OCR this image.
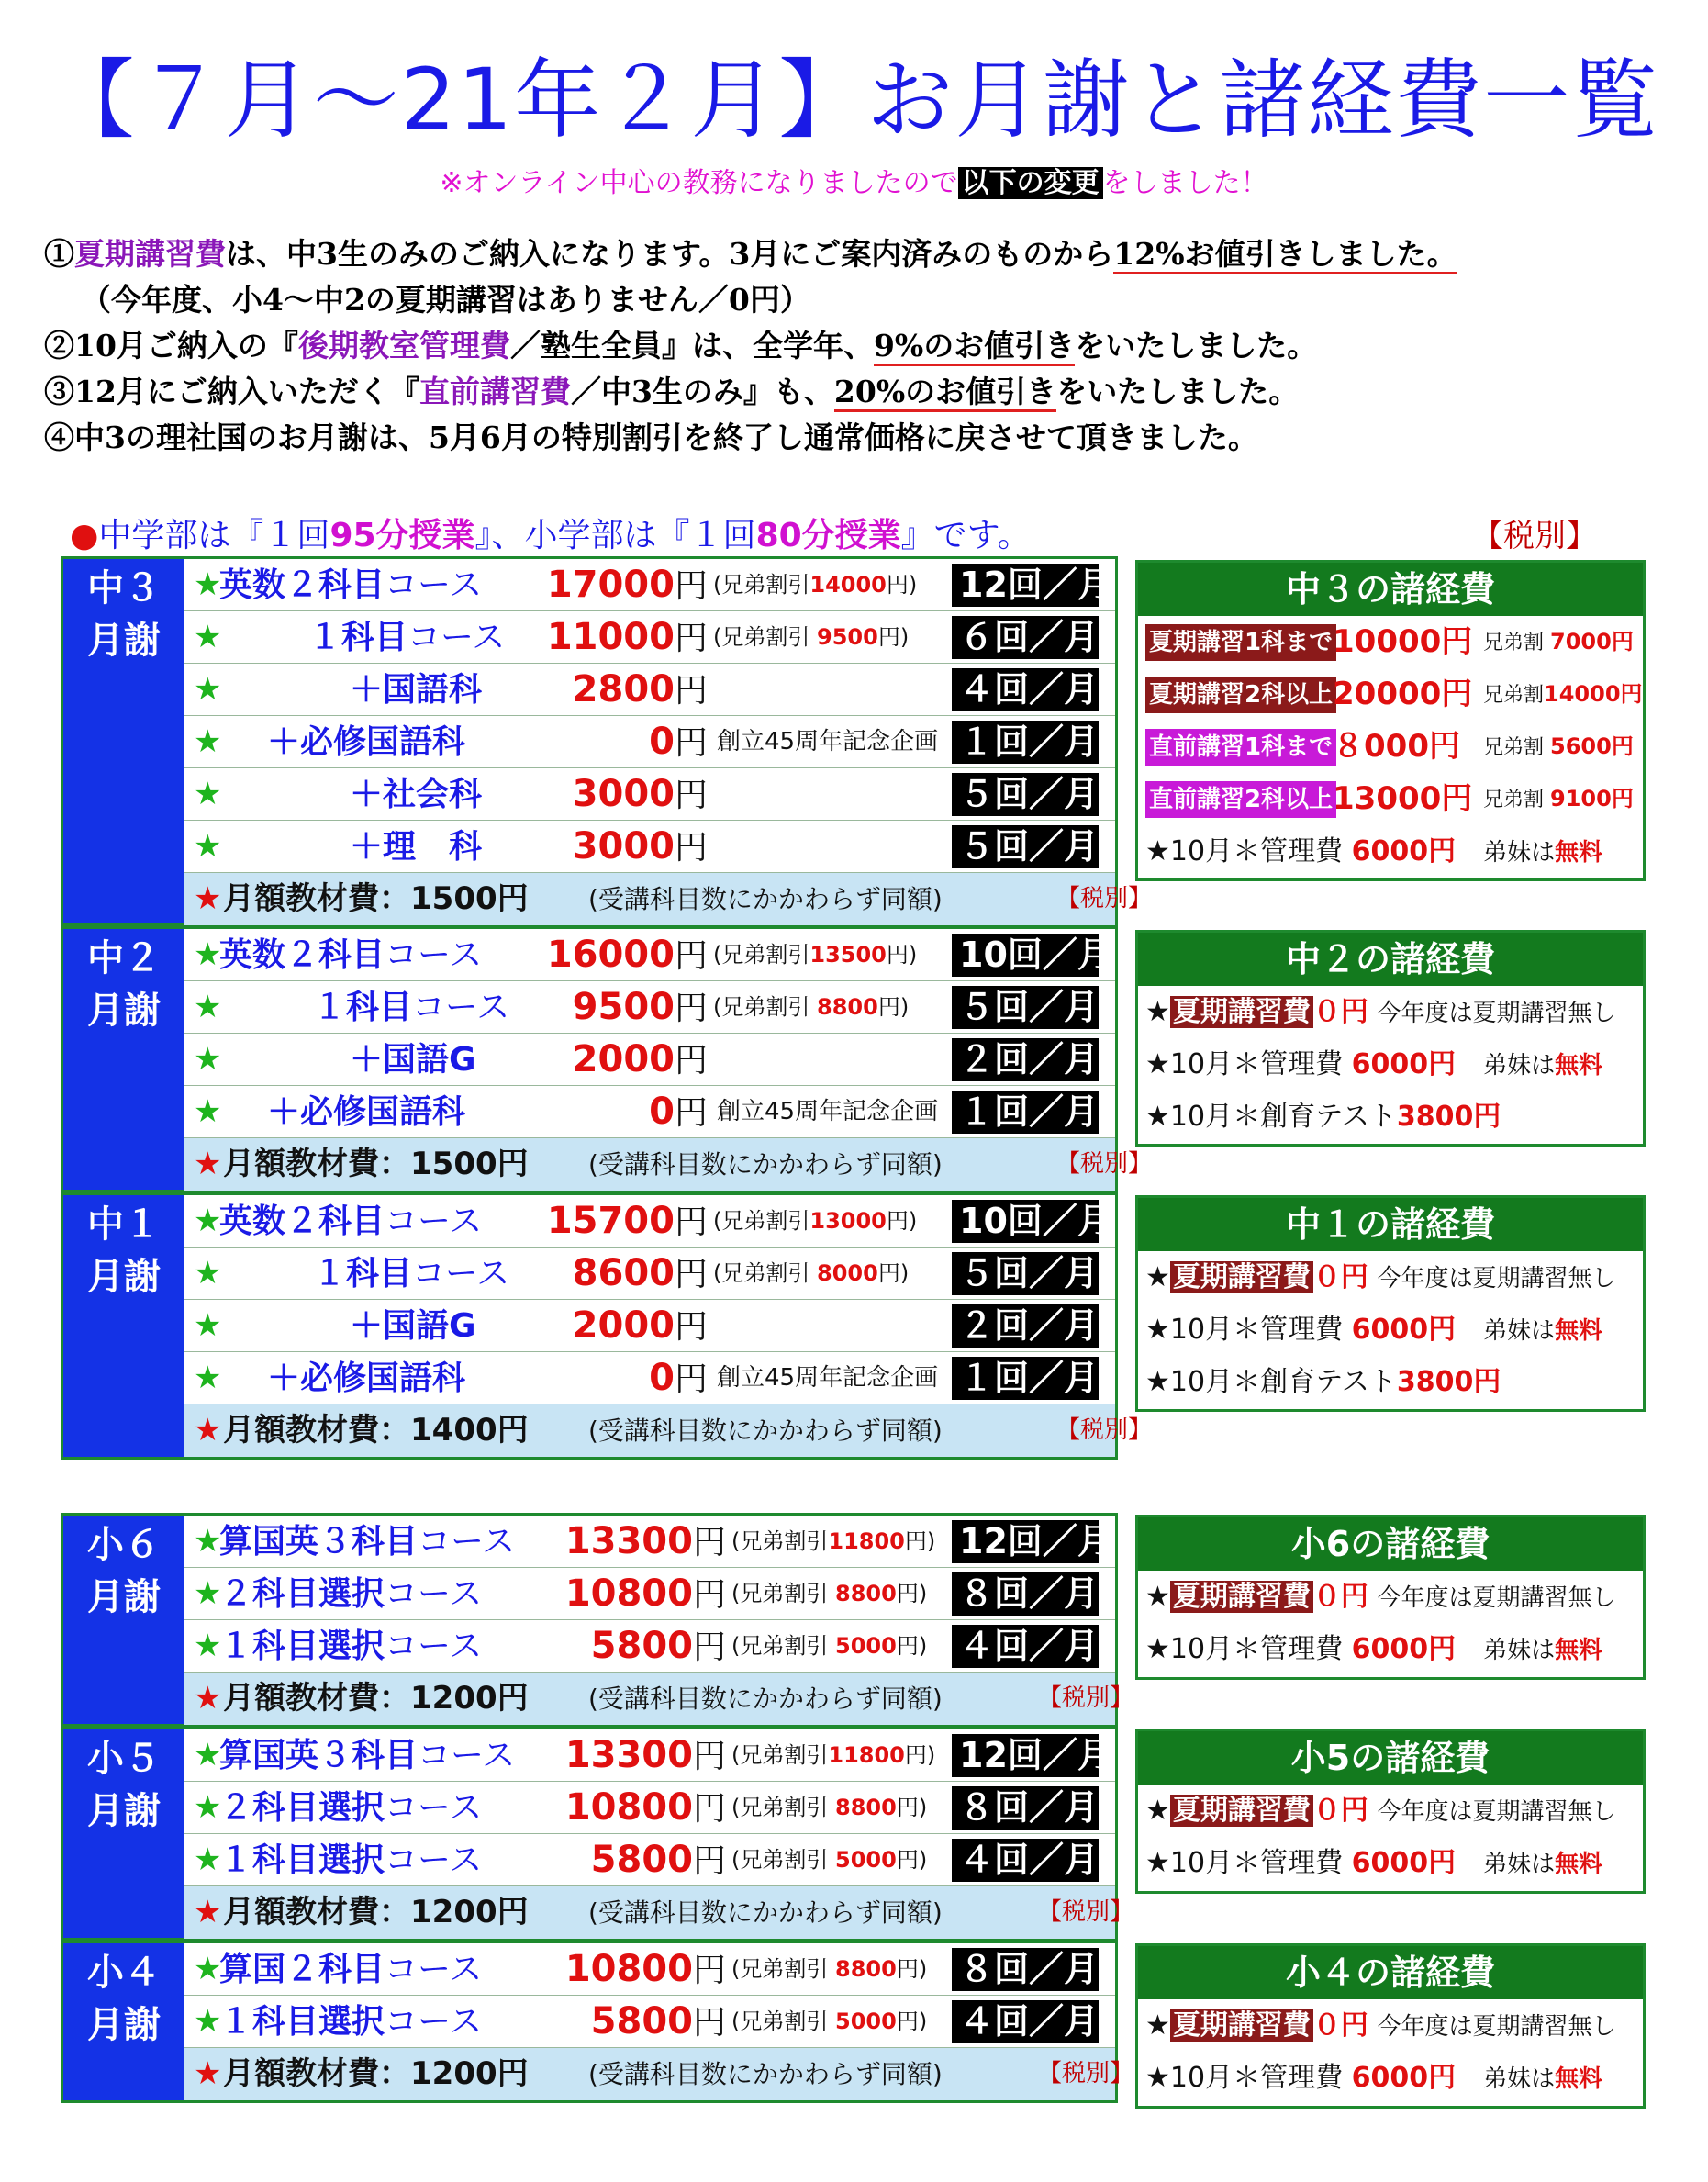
【７月～21年２月】お月謝と諸経費一覧
※オンライン中心の教務になりましたので 以下の変更 をしました！
①夏期講習費は、中3生のみのご納入になります。3月にご案内済みのものから12%お値引きしました。
（今年度、小4～中2の夏期講習はありません／0円）
②10月ご納入の『後期教室管理費／塾生全員』は、全学年、9%のお値引きをいたしました。
③12月にご納入いただく『直前講習費／中3生のみ』も、20%のお値引きをいたしました。
④中3の理社国のお月謝は、5月6月の特別割引を終了し通常価格に戻させて頂きました。
●中学部は『１回95分授業』、小学部は『１回80分授業』です。	【税別】
中３
月謝
★
英数２科目コース	17000円 (兄弟割引14000円) 12回／月
★	１科目コース	11000円 (兄弟割引 9500円) ６回／月
★	＋国語科	2800円	４回／月
★ ＋必修国語科	0円 創立45周年記念企画 １回／月
★	＋社会科	3000円	５回／月
★	＋理　科	3000円	５回／月
★ 月額教材費：1500円 (受講科目数にかかわらず同額)	【税別】
中２
月謝
★
英数２科目コース	16000円 (兄弟割引13500円) 10回／月
★	１科目コース	9500円 (兄弟割引 8800円) ５回／月
★	＋国語G	2000円	２回／月
★ ＋必修国語科	0円 創立45周年記念企画 １回／月
★ 月額教材費：1500円 (受講科目数にかかわらず同額)	【税別】
中１
月謝
★
英数２科目コース	15700円 (兄弟割引13000円) 10回／月
★	１科目コース	8600円 (兄弟割引 8000円) ５回／月
★	＋国語G	2000円	２回／月
★ ＋必修国語科	0円 創立45周年記念企画 １回／月
★ 月額教材費：1400円 (受講科目数にかかわらず同額)	【税別】
小６
月謝
★
算国英３科目コース	13300円 (兄弟割引11800円) 12回／月
★
２科目選択コース	10800円 (兄弟割引 8800円) ８回／月
★
１科目選択コース	5800円 (兄弟割引 5000円) ４回／月
★ 月額教材費：1200円 (受講科目数にかかわらず同額)	【税別】
小５
月謝
★
算国英３科目コース	13300円 (兄弟割引11800円) 12回／月
★
２科目選択コース	10800円 (兄弟割引 8800円) ８回／月
★
１科目選択コース	5800円 (兄弟割引 5000円) ４回／月
★ 月額教材費：1200円 (受講科目数にかかわらず同額)	【税別】
小４
月謝
★
算国２科目コース	10800円 (兄弟割引 8800円) ８回／月
★
１科目選択コース	5800円 (兄弟割引 5000円) ４回／月
★ 月額教材費：1200円 (受講科目数にかかわらず同額)	【税別】
中３の諸経費
夏期講習1科まで 10000円 兄弟割 7000円
夏期講習2科以上 20000円 兄弟割14000円
直前講習1科まで ８000円 兄弟割 5600円
直前講習2科以上 13000円 兄弟割 9100円
★10月＊管理費 6000円　 弟妹は無料
中２の諸経費
★ 夏期講習費 ０円 今年度は夏期講習無し
★10月＊管理費 6000円　 弟妹は無料
★10月＊創育テスト3800円
中１の諸経費
★ 夏期講習費 ０円 今年度は夏期講習無し
★10月＊管理費 6000円　 弟妹は無料
★10月＊創育テスト3800円
小6の諸経費
★ 夏期講習費 ０円 今年度は夏期講習無し
★10月＊管理費 6000円　 弟妹は無料
小5の諸経費
★ 夏期講習費 ０円 今年度は夏期講習無し
★10月＊管理費 6000円　 弟妹は無料
小４の諸経費
★ 夏期講習費 ０円 今年度は夏期講習無し
★10月＊管理費 6000円　 弟妹は無料
